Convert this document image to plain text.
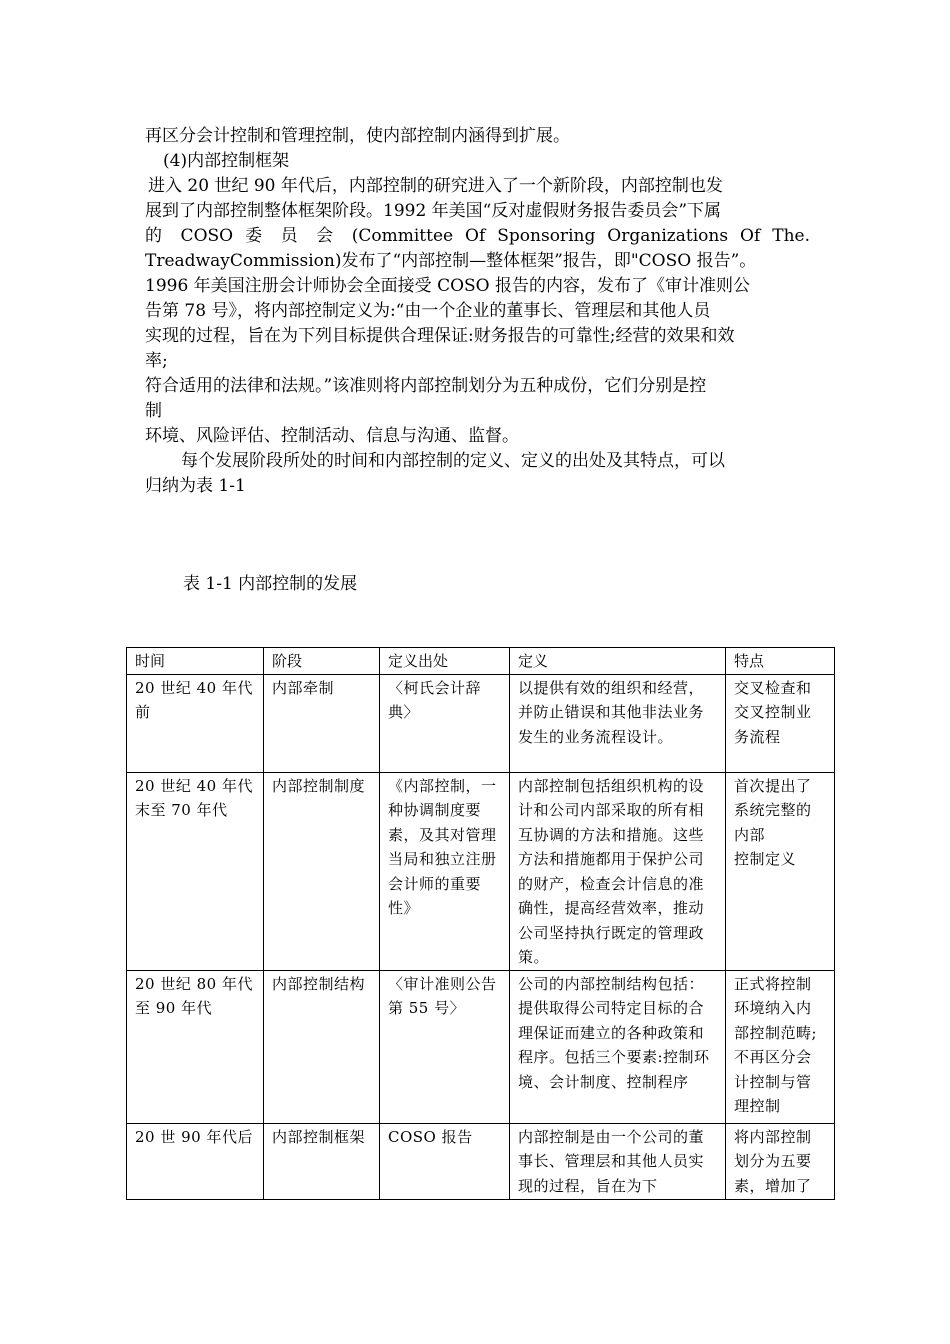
再区分会计控制和管理控制，使内部控制内涵得到扩展。
(4)内部控制框架
进入 20 世纪 90 年代后，内部控制的研究进入了一个新阶段，内部控制也发
展到了内部控制整体框架阶段。1992 年美国“反对虚假财务报告委员会”下属
的 COSO 委 员 会 (Committee Of Sponsoring Organizations Of The.
TreadwayCommission)发布了“内部控制—整体框架”报告，即"COSO 报告”。
1996 年美国注册会计师协会全面接受 COSO 报告的内容，发布了《审计准则公
告第 78 号》，将内部控制定义为:“由一个企业的董事长、管理层和其他人员
实现的过程，旨在为下列目标提供合理保证:财务报告的可靠性;经营的效果和效
率;
符合适用的法律和法规。”该准则将内部控制划分为五种成份，它们分别是控
制
环境、风险评估、控制活动、信息与沟通、监督。
每个发展阶段所处的时间和内部控制的定义、定义的出处及其特点，可以
归纳为表 1-1
表 1-1 内部控制的发展
时间	阶段	定义出处	定义	特点
20 世纪 40 年代前	内部牵制	〈柯氏会计辞典〉	以提供有效的组织和经营，并防止错误和其他非法业务发生的业务流程设计。	交叉检查和交叉控制业务流程
20 世纪 40 年代末至 70 年代	内部控制制度	《内部控制，一种协调制度要素，及其对管理当局和独立注册会计师的重要性》	内部控制包括组织机构的设计和公司内部采取的所有相互协调的方法和措施。这些方法和措施都用于保护公司的财产，检查会计信息的准确性，提高经营效率，推动公司坚持执行既定的管理政策。	首次提出了系统完整的内部
控制定义

20 世纪 80 年代至 90 年代	内部控制结构	〈审计准则公告第 55 号〉	公司的内部控制结构包括：提供取得公司特定目标的合理保证而建立的各种政策和程序。包括三个要素:控制环境、会计制度、控制程序	正式将控制环境纳入内部控制范畴;不再区分会计控制与管理控制
20 世 90 年代后	内部控制框架	COSO 报告	内部控制是由一个公司的董事长、管理层和其他人员实现的过程，旨在为下	将内部控制划分为五要素，增加了
